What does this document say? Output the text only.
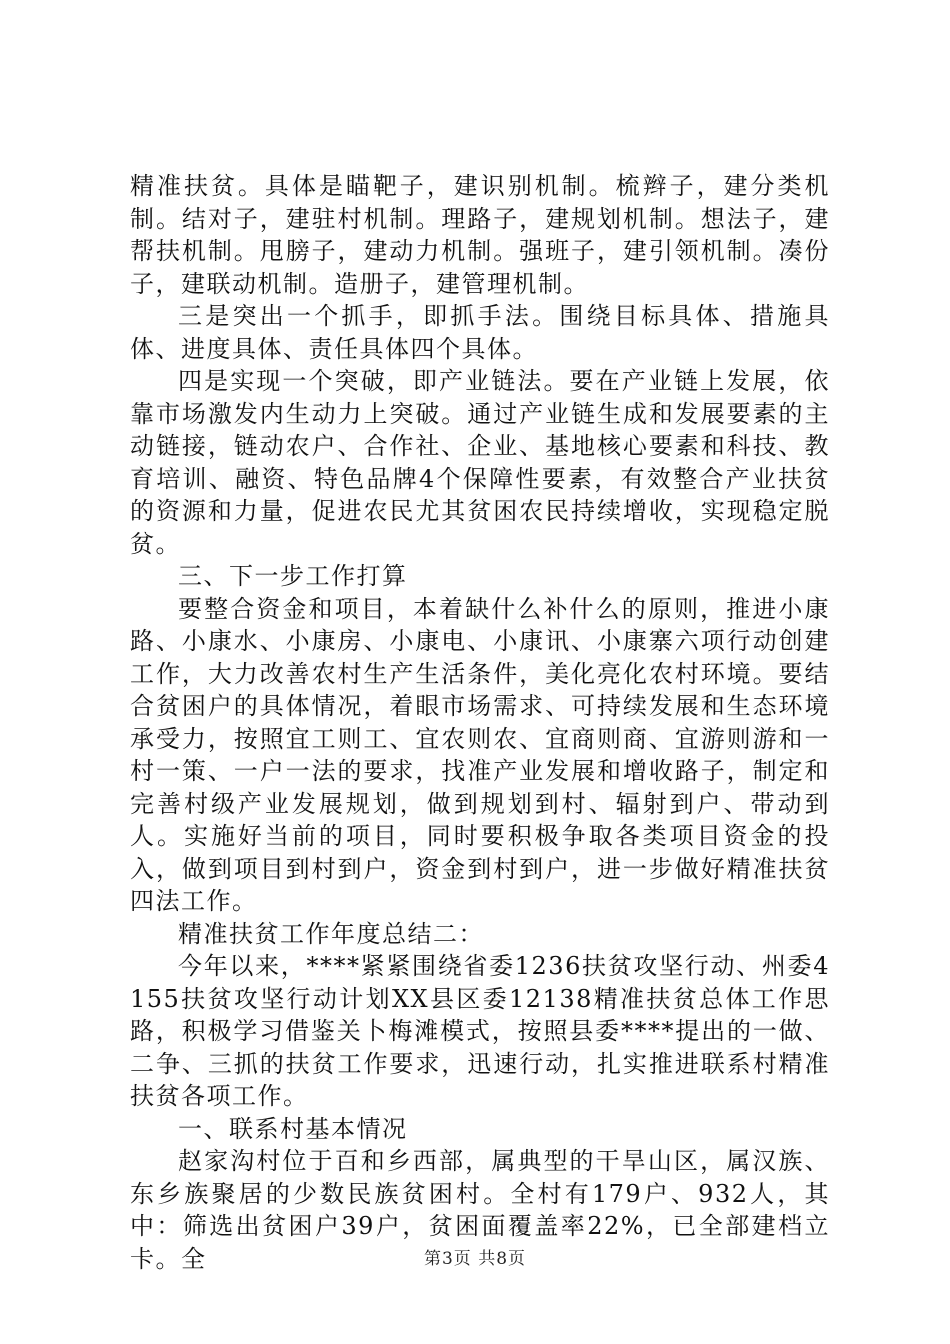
精准扶贫。具体是瞄靶子，建识别机制。梳辫子，建分类机制。结对子，建驻村机制。理路子，建规划机制。想法子，建帮扶机制。甩膀子，建动力机制。强班子，建引领机制。凑份子，建联动机制。造册子，建管理机制。

三是突出一个抓手，即抓手法。围绕目标具体、措施具体、进度具体、责任具体四个具体。

四是实现一个突破，即产业链法。要在产业链上发展，依靠市场激发内生动力上突破。通过产业链生成和发展要素的主动链接，链动农户、合作社、企业、基地核心要素和科技、教育培训、融资、特色品牌4个保障性要素，有效整合产业扶贫的资源和力量，促进农民尤其贫困农民持续增收，实现稳定脱贫。

三、下一步工作打算

要整合资金和项目，本着缺什么补什么的原则，推进小康路、小康水、小康房、小康电、小康讯、小康寨六项行动创建工作，大力改善农村生产生活条件，美化亮化农村环境。要结合贫困户的具体情况，着眼市场需求、可持续发展和生态环境承受力，按照宜工则工、宜农则农、宜商则商、宜游则游和一村一策、一户一法的要求，找准产业发展和增收路子，制定和完善村级产业发展规划，做到规划到村、辐射到户、带动到人。实施好当前的项目，同时要积极争取各类项目资金的投入，做到项目到村到户，资金到村到户，进一步做好精准扶贫四法工作。

精准扶贫工作年度总结二：

今年以来，****紧紧围绕省委1236扶贫攻坚行动、州委4155扶贫攻坚行动计划XX县区委12138精准扶贫总体工作思路，积极学习借鉴关卜梅滩模式，按照县委****提出的一做、二争、三抓的扶贫工作要求，迅速行动，扎实推进联系村精准扶贫各项工作。

一、联系村基本情况

赵家沟村位于百和乡西部，属典型的干旱山区，属汉族、东乡族聚居的少数民族贫困村。全村有179户、932人，其中：筛选出贫困户39户，贫困面覆盖率22%，已全部建档立卡。全	第3页 共8页
